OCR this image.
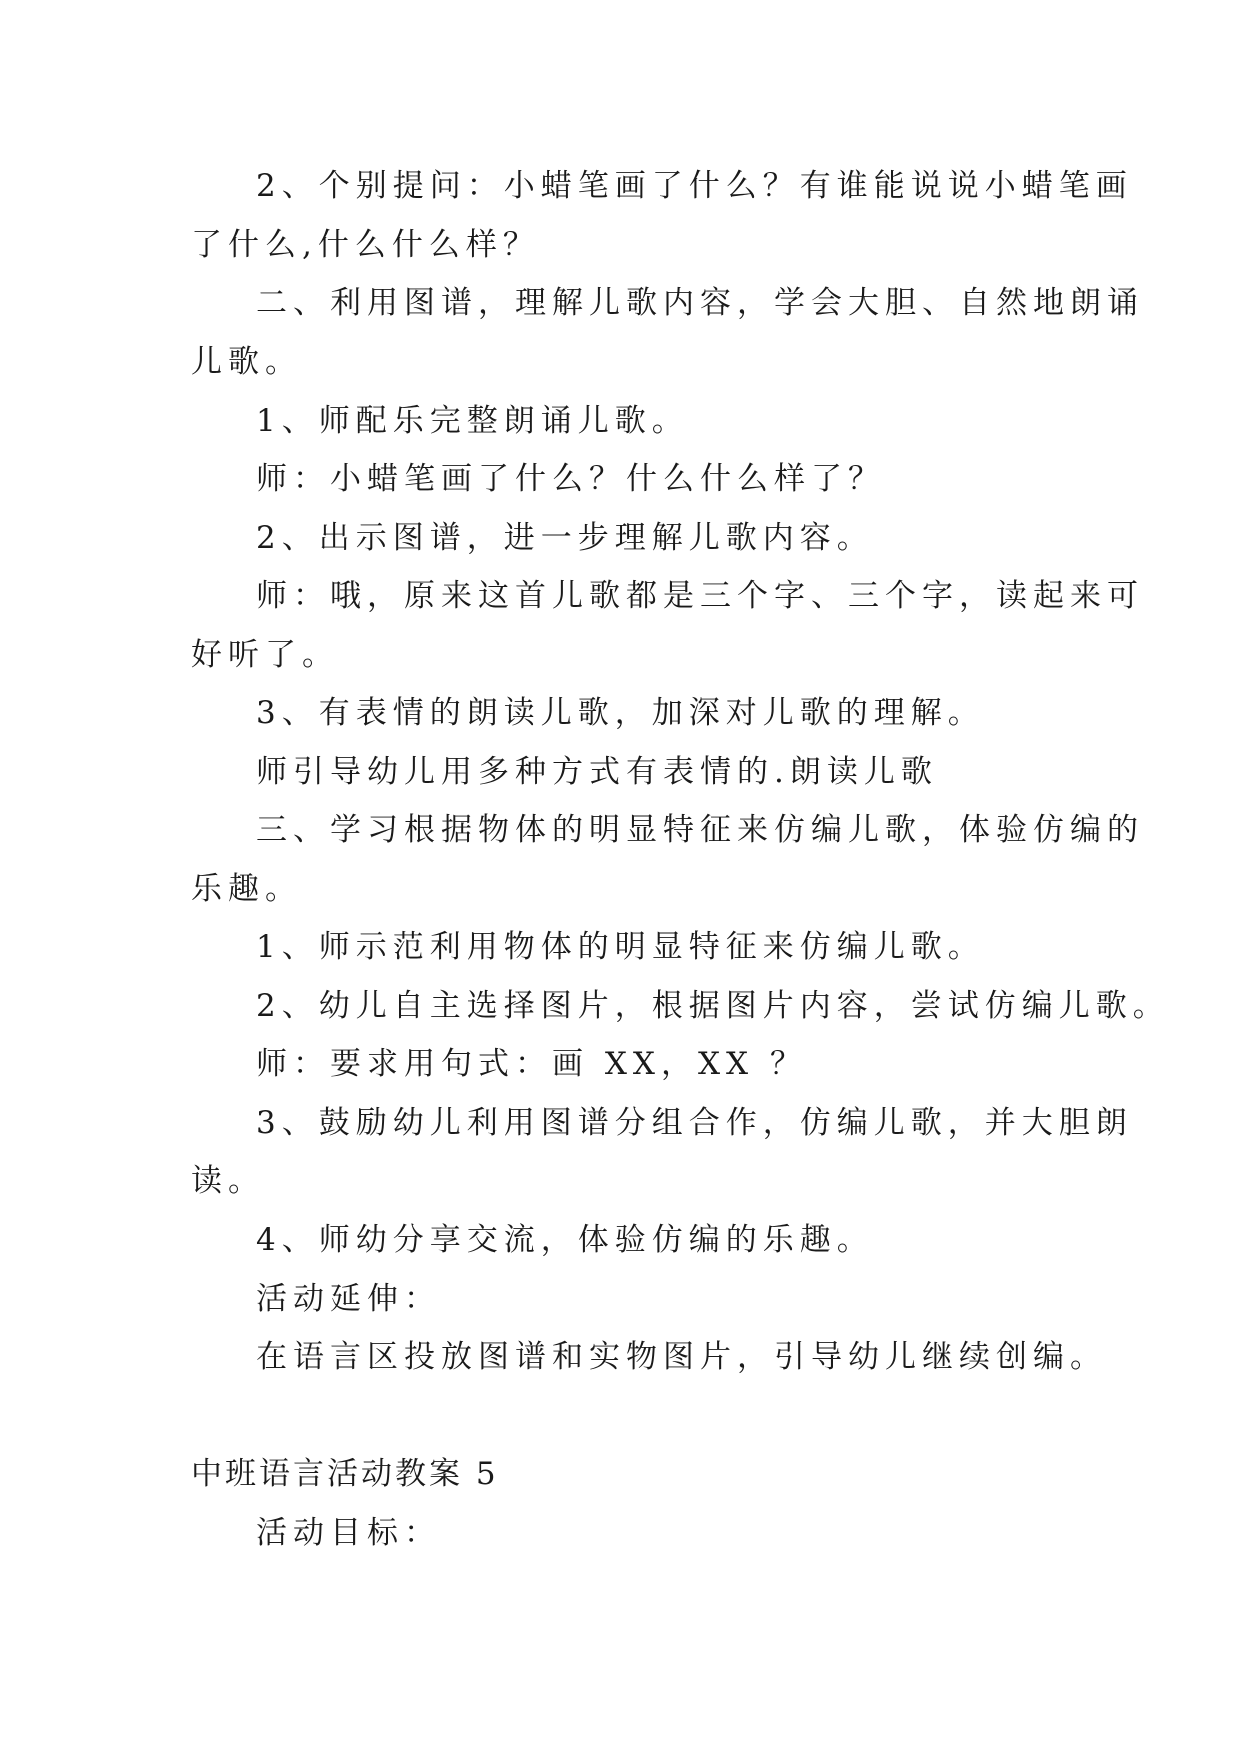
2、个别提问：小蜡笔画了什么？有谁能说说小蜡笔画

了什么,什么什么样？

二、利用图谱，理解儿歌内容，学会大胆、自然地朗诵

儿歌。

1、师配乐完整朗诵儿歌。

师：小蜡笔画了什么？什么什么样了？

2、出示图谱，进一步理解儿歌内容。

师：哦，原来这首儿歌都是三个字、三个字，读起来可

好听了。

3、有表情的朗读儿歌，加深对儿歌的理解。

师引导幼儿用多种方式有表情的.朗读儿歌

三、学习根据物体的明显特征来仿编儿歌，体验仿编的

乐趣。

1、师示范利用物体的明显特征来仿编儿歌。

2、幼儿自主选择图片，根据图片内容，尝试仿编儿歌。

师：要求用句式：画 XX，XX ？

3、鼓励幼儿利用图谱分组合作，仿编儿歌，并大胆朗

读。

4、师幼分享交流，体验仿编的乐趣。

活动延伸：

在语言区投放图谱和实物图片，引导幼儿继续创编。

中班语言活动教案 5

活动目标：
